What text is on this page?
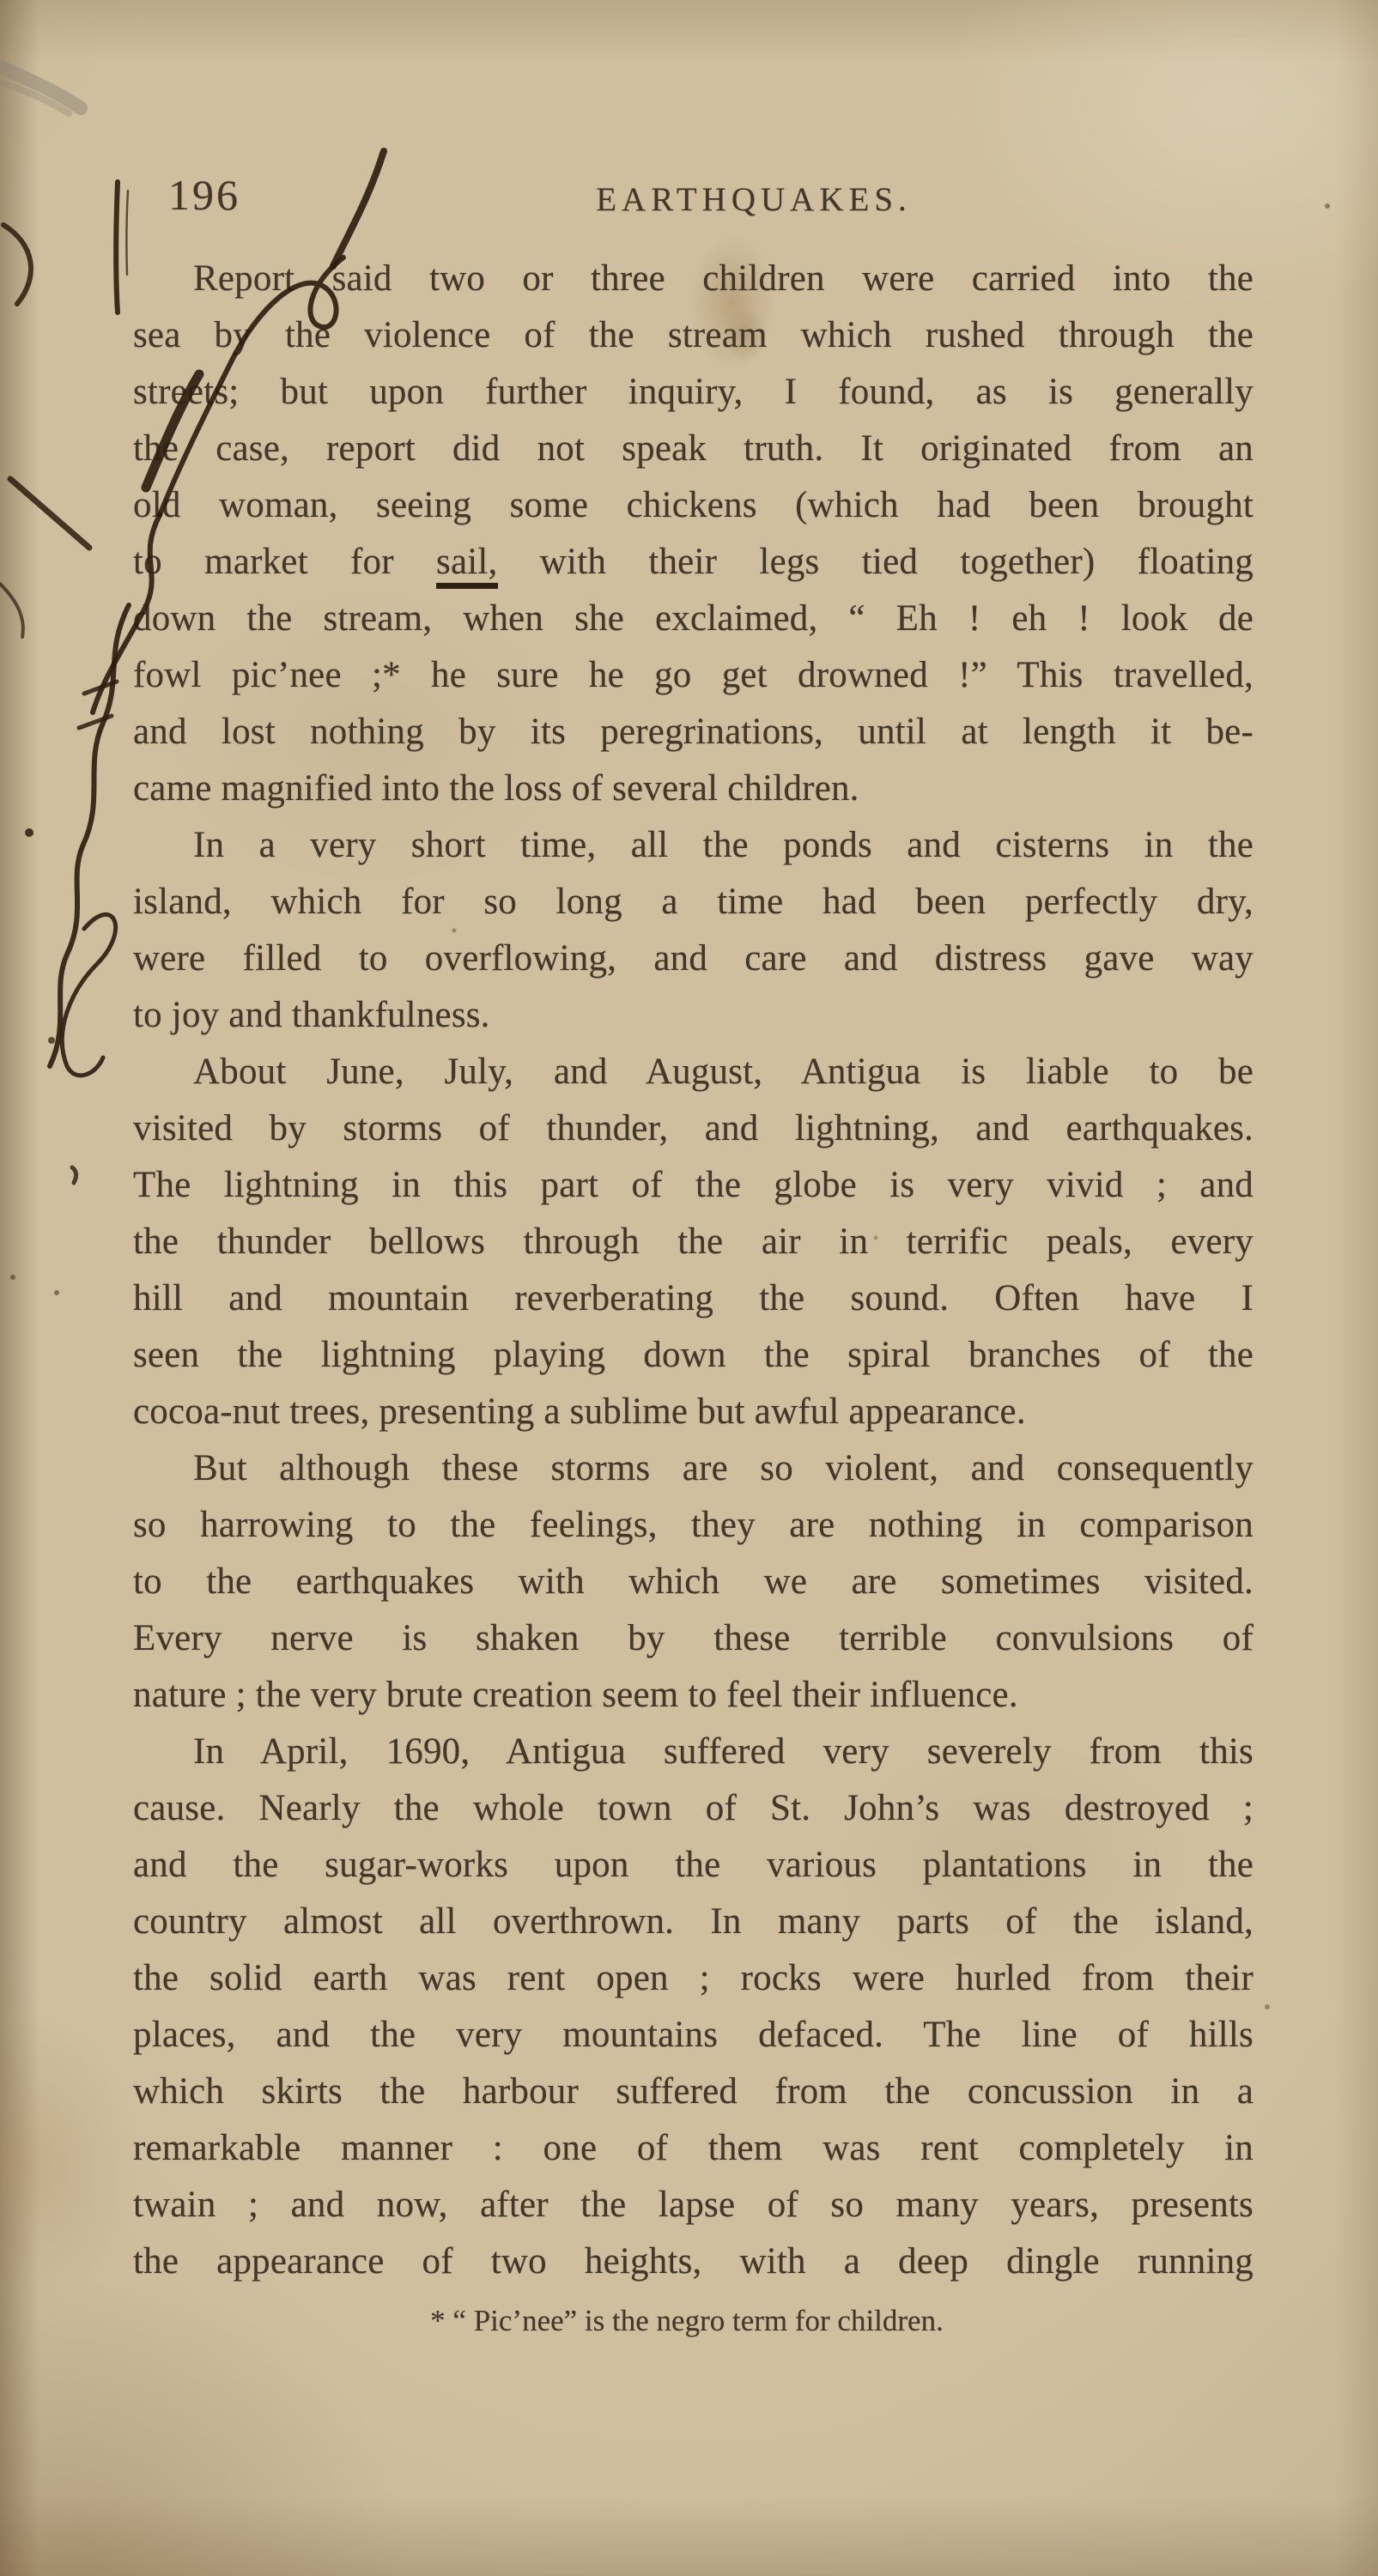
196	EARTHQUAKES.
Report said two or three children were carried into the
sea by the violence of the stream which rushed through the
streets; but upon further inquiry, I found, as is generally
the case, report did not speak truth. It originated from an
old woman, seeing some chickens (which had been brought
to market for sail, with their legs tied together) floating
down the stream, when she exclaimed, “ Eh ! eh ! look de
fowl pic’nee ;* he sure he go get drowned !” This travelled,
and lost nothing by its peregrinations, until at length it be-
came magnified into the loss of several children.
In a very short time, all the ponds and cisterns in the
island, which for so long a time had been perfectly dry,
were filled to overflowing, and care and distress gave way
to joy and thankfulness.
About June, July, and August, Antigua is liable to be
visited by storms of thunder, and lightning, and earthquakes.
The lightning in this part of the globe is very vivid ; and
the thunder bellows through the air in terrific peals, every
hill and mountain reverberating the sound. Often have I
seen the lightning playing down the spiral branches of the
cocoa-nut trees, presenting a sublime but awful appearance.
But although these storms are so violent, and consequently
so harrowing to the feelings, they are nothing in comparison
to the earthquakes with which we are sometimes visited.
Every nerve is shaken by these terrible convulsions of
nature ; the very brute creation seem to feel their influence.
In April, 1690, Antigua suffered very severely from this
cause. Nearly the whole town of St. John’s was destroyed ;
and the sugar-works upon the various plantations in the
country almost all overthrown. In many parts of the island,
the solid earth was rent open ; rocks were hurled from their
places, and the very mountains defaced. The line of hills
which skirts the harbour suffered from the concussion in a
remarkable manner : one of them was rent completely in
twain ; and now, after the lapse of so many years, presents
the appearance of two heights, with a deep dingle running
* “ Pic’nee” is the negro term for children.
